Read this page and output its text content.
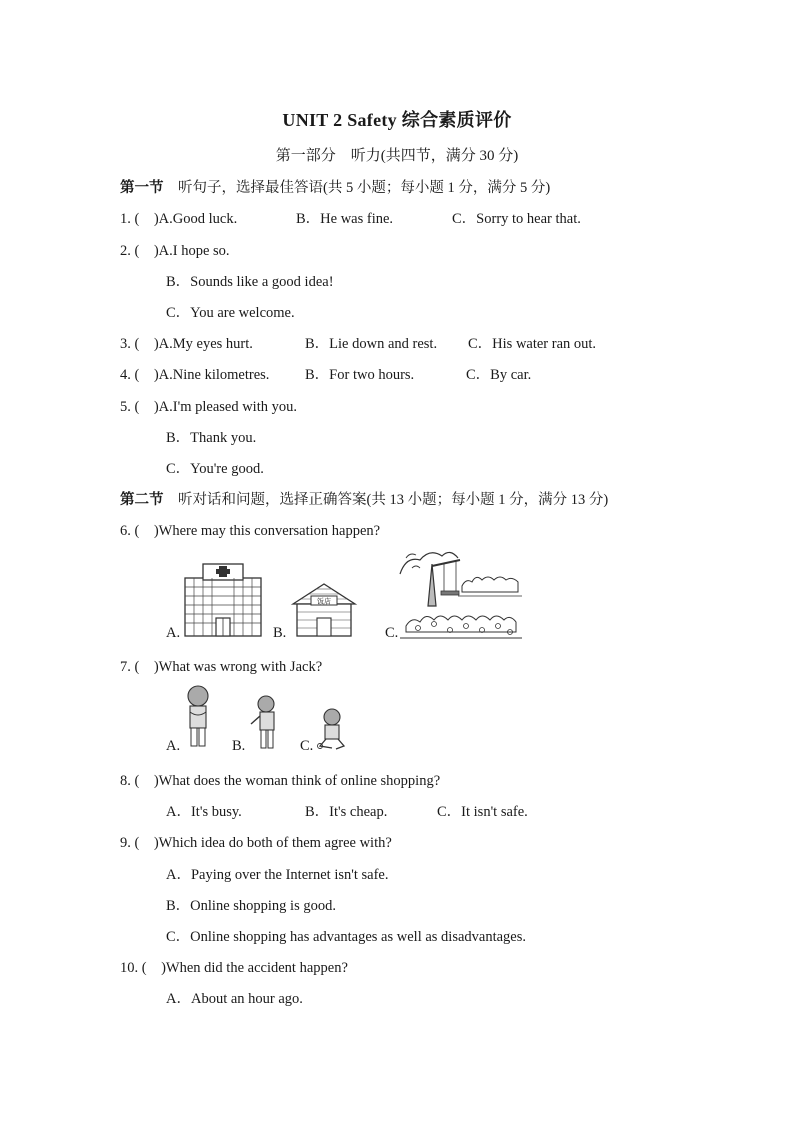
UNIT 2 Safety 综合素质评价
第一部分　听力(共四节，满分 30 分)
第一节　听句子，选择最佳答语(共 5 小题；每小题 1 分，满分 5 分)
1. (　)A.Good luck.	B．He was fine.	C．Sorry to hear that.
2. (　)A.I hope so.
B．Sounds like a good idea!
C．You are welcome.
3. (　)A.My eyes hurt.	B．Lie down and rest. C．His water ran out.
4. (　)A.Nine kilometres. B．For two hours.	C．By car.
5. (　)A.I'm pleased with you.
B．Thank you.
C．You're good.
第二节　听对话和问题，选择正确答案(共 13 小题；每小题 1 分，满分 13 分)
6. (　)Where may this conversation happen?
A.	B.
饭店
C.
7. (　)What was wrong with Jack?
A.	B.	C.
8. (　)What does the woman think of online shopping?
A．It's busy.	B．It's cheap.	C．It isn't safe.
9. (　)Which idea do both of them agree with?
A．Paying over the Internet isn't safe.
B．Online shopping is good.
C．Online shopping has advantages as well as disadvantages.
10. (　)When did the accident happen?
A．About an hour ago.
